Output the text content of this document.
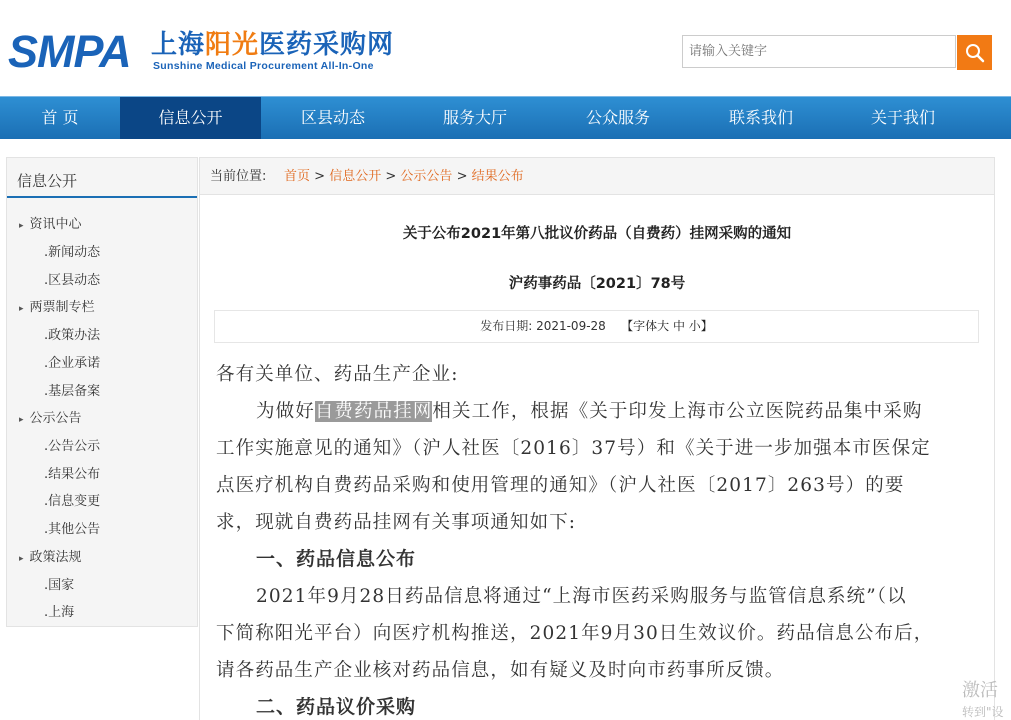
SMPA 上海阳光医药采购网
Sunshine Medical Procurement All-In-One
请输入关键字
首 页	信息公开	区县动态	服务大厅	公众服务	联系我们	关于我们
信息公开
▸ 资讯中心
.新闻动态
.区县动态
▸ 两票制专栏
.政策办法
.企业承诺
.基层备案
▸ 公示公告
.公告公示
.结果公布
.信息变更
.其他公告
▸ 政策法规
.国家
.上海
当前位置: 首页 > 信息公开 > 公示公告 > 结果公布
关于公布2021年第八批议价药品（自费药）挂网采购的通知
沪药事药品〔2021〕78号
发布日期: 2021-09-28 【字体大 中 小】
各有关单位、药品生产企业:
为做好自费药品挂网相关工作，根据《关于印发上海市公立医院药品集中采购
工作实施意见的通知》（沪人社医〔2016〕37号）和《关于进一步加强本市医保定
点医疗机构自费药品采购和使用管理的通知》（沪人社医〔2017〕263号）的要
求，现就自费药品挂网有关事项通知如下:
一、药品信息公布
2021年9月28日药品信息将通过“上海市医药采购服务与监管信息系统”（以
下简称阳光平台）向医疗机构推送，2021年9月30日生效议价。药品信息公布后，
请各药品生产企业核对药品信息，如有疑义及时向市药事所反馈。
二、药品议价采购
激活
转到"设
